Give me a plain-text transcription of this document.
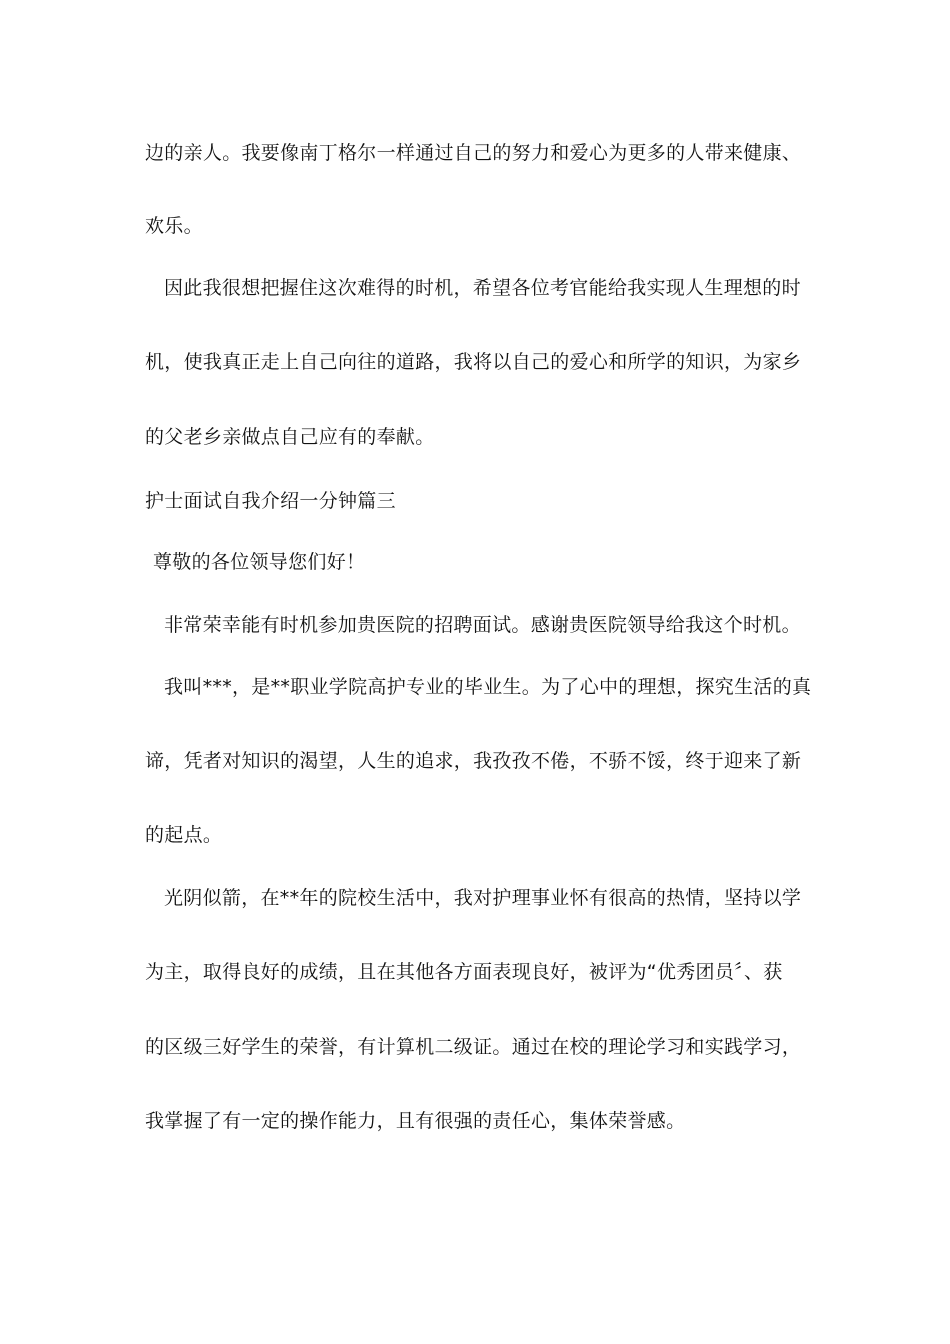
边的亲人。我要像南丁格尔一样通过自己的努力和爱心为更多的人带来健康、
欢乐。
因此我很想把握住这次难得的时机，希望各位考官能给我实现人生理想的时
机，使我真正走上自己向往的道路，我将以自己的爱心和所学的知识，为家乡
的父老乡亲做点自己应有的奉献。
护士面试自我介绍一分钟篇三
尊敬的各位领导您们好！
非常荣幸能有时机参加贵医院的招聘面试。感谢贵医院领导给我这个时机。
我叫***，是**职业学院高护专业的毕业生。为了心中的理想，探究生活的真
谛，凭者对知识的渴望，人生的追求，我孜孜不倦，不骄不馁，终于迎来了新
的起点。
光阴似箭，在**年的院校生活中，我对护理事业怀有很高的热情，坚持以学
为主，取得良好的成绩，且在其他各方面表现良好，被评为“优秀团员〞、获
的区级三好学生的荣誉，有计算机二级证。通过在校的理论学习和实践学习，
我掌握了有一定的操作能力，且有很强的责任心，集体荣誉感。
